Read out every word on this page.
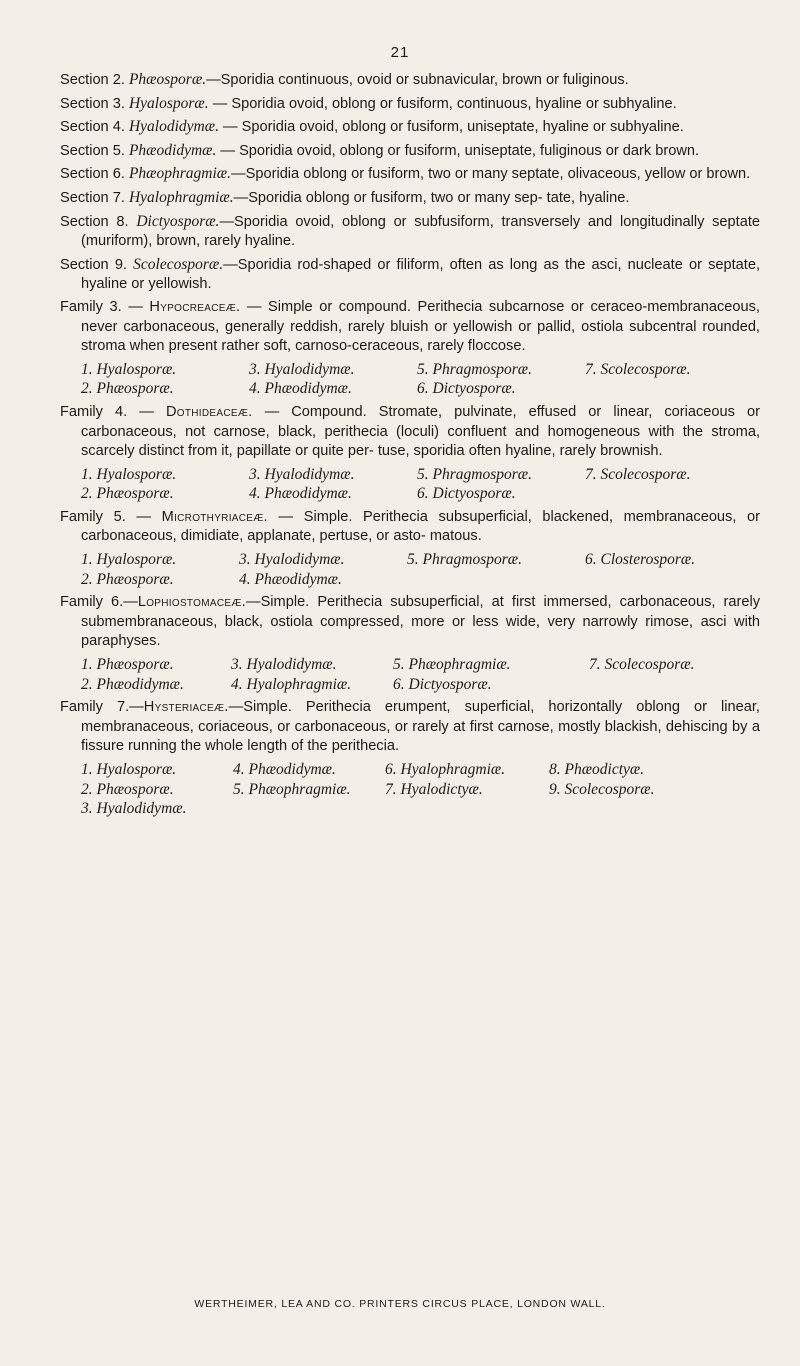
21

Section 2. Phæosporæ.—Sporidia continuous, ovoid or subnavicular, brown or fuliginous.

Section 3. Hyalosporæ. — Sporidia ovoid, oblong or fusiform, continuous, hyaline or subhyaline.

Section 4. Hyalodidymæ. — Sporidia ovoid, oblong or fusiform, uniseptate, hyaline or subhyaline.

Section 5. Phæodidymæ. — Sporidia ovoid, oblong or fusiform, uniseptate, fuliginous or dark brown.

Section 6. Phæophragmiæ.—Sporidia oblong or fusiform, two or many septate, olivaceous, yellow or brown.

Section 7. Hyalophragmiæ.—Sporidia oblong or fusiform, two or many sep- tate, hyaline.

Section 8. Dictyosporæ.—Sporidia ovoid, oblong or subfusiform, transversely and longitudinally septate (muriform), brown, rarely hyaline.

Section 9. Scolecosporæ.—Sporidia rod-shaped or filiform, often as long as the asci, nucleate or septate, hyaline or yellowish.

Family 3. — Hypocreaceæ. — Simple or compound. Perithecia subcarnose or ceraceo-membranaceous, never carbonaceous, generally reddish, rarely bluish or yellowish or pallid, ostiola subcentral rounded, stroma when present rather soft, carnoso-ceraceous, rarely floccose.

1. Hyalosporæ.	3. Hyalodidymæ.	5. Phragmosporæ.	7. Scolecosporæ.
2. Phæosporæ.	4. Phæodidymæ.	6. Dictyosporæ.

Family 4. — Dothideaceæ. — Compound. Stromate, pulvinate, effused or linear, coriaceous or carbonaceous, not carnose, black, perithecia (loculi) confluent and homogeneous with the stroma, scarcely distinct from it, papillate or quite per- tuse, sporidia often hyaline, rarely brownish.

1. Hyalosporæ.	3. Hyalodidymæ.	5. Phragmosporæ.	7. Scolecosporæ.
2. Phæosporæ.	4. Phæodidymæ.	6. Dictyosporæ.

Family 5. — Microthyriaceæ. — Simple. Perithecia subsuperficial, blackened, membranaceous, or carbonaceous, dimidiate, applanate, pertuse, or asto- matous.

1. Hyalosporæ.	3. Hyalodidymæ.	5. Phragmosporæ.	6. Closterosporæ.
2. Phæosporæ.	4. Phæodidymæ.

Family 6.—Lophiostomaceæ.—Simple. Perithecia subsuperficial, at first immersed, carbonaceous, rarely submembranaceous, black, ostiola compressed, more or less wide, very narrowly rimose, asci with paraphyses.

1. Phæosporæ.	3. Hyalodidymæ.	5. Phæophragmiæ.	7. Scolecosporæ.
2. Phæodidymæ.	4. Hyalophragmiæ.	6. Dictyosporæ.

Family 7.—Hysteriaceæ.—Simple. Perithecia erumpent, superficial, horizontally oblong or linear, membranaceous, coriaceous, or carbonaceous, or rarely at first carnose, mostly blackish, dehiscing by a fissure running the whole length of the perithecia.

1. Hyalosporæ.	4. Phæodidymæ.	6. Hyalophragmiæ.	8. Phæodictyæ.
2. Phæosporæ.	5. Phæophragmiæ.	7. Hyalodictyæ.	9. Scolecosporæ.
3. Hyalodidymæ.
WERTHEIMER, LEA AND CO. PRINTERS CIRCUS PLACE, LONDON WALL.
